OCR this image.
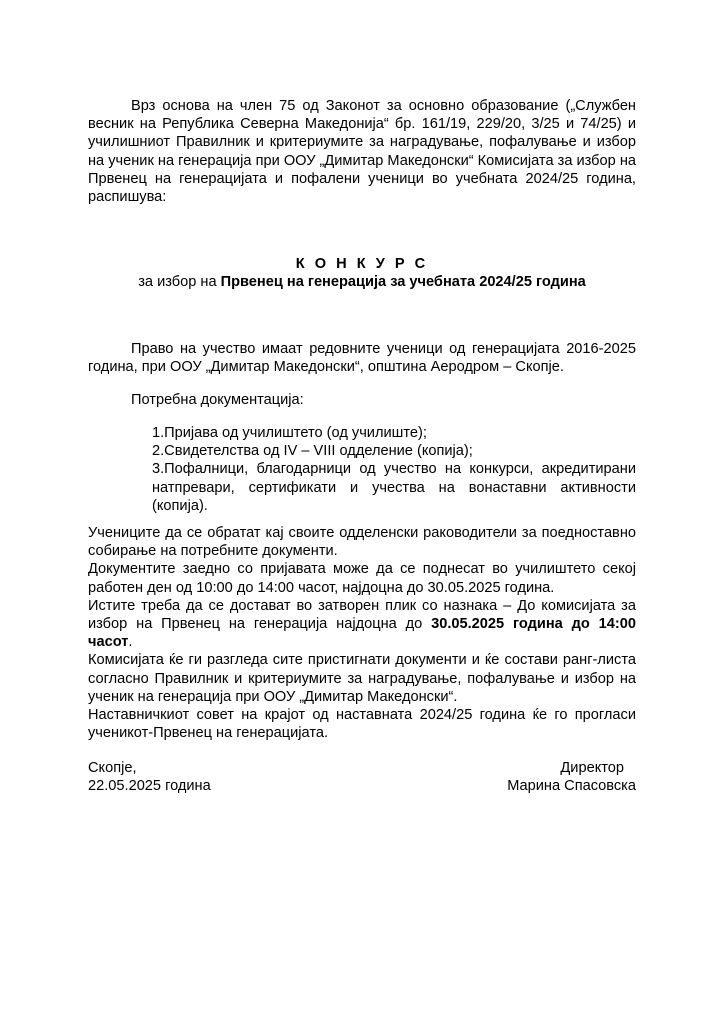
Врз основа на член 75 од Законот за основно образование („Службен весник на Република Северна Македонија“ бр. 161/19, 229/20, 3/25 и 74/25) и училишниот Правилник и критериумите за наградување, пофалување и избор на ученик на генерација при ООУ „Димитар Македонски“ Комисијата за избор на Првенец на генерацијата и пофалени ученици во учебната 2024/25 година, распишува:

К О Н К У Р С
за избор на Првенец на генерација за учебната 2024/25 година

Право на учество имаат редовните ученици од генерацијата 2016-2025 година, при ООУ „Димитар Македонски“, општина Аеродром – Скопје.

Потребна документација:

1.Пријава од училиштето (од училиште);

2.Свидетелства од IV – VIII одделение (копија);

3.Пофалници, благодарници од учество на конкурси, акредитирани натпревари, сертификати и учества на вонаставни активности (копија).

Учениците да се обратат кај своите одделенски раководители за поедноставно собирање на потребните документи.

Документите заедно со пријавата може да се поднесат во училиштето секој работен ден од 10:00 до 14:00 часот, најдоцна до 30.05.2025 година.

Истите треба да се достават во затворен плик со назнака – До комисијата за избор на Првенец на генерација најдоцна до 30.05.2025 година до 14:00 часот.

Комисијата ќе ги разгледа сите пристигнати документи и ќе состави ранг-листа согласно Правилник и критериумите за наградување, пофалување и избор на ученик на генерација при ООУ „Димитар Македонски“.

Наставничкиот совет на крајот од наставната 2024/25 година ќе го прогласи ученикот-Првенец на генерацијата.

Скопје,
22.05.2025 година
Директор
Марина Спасовска
